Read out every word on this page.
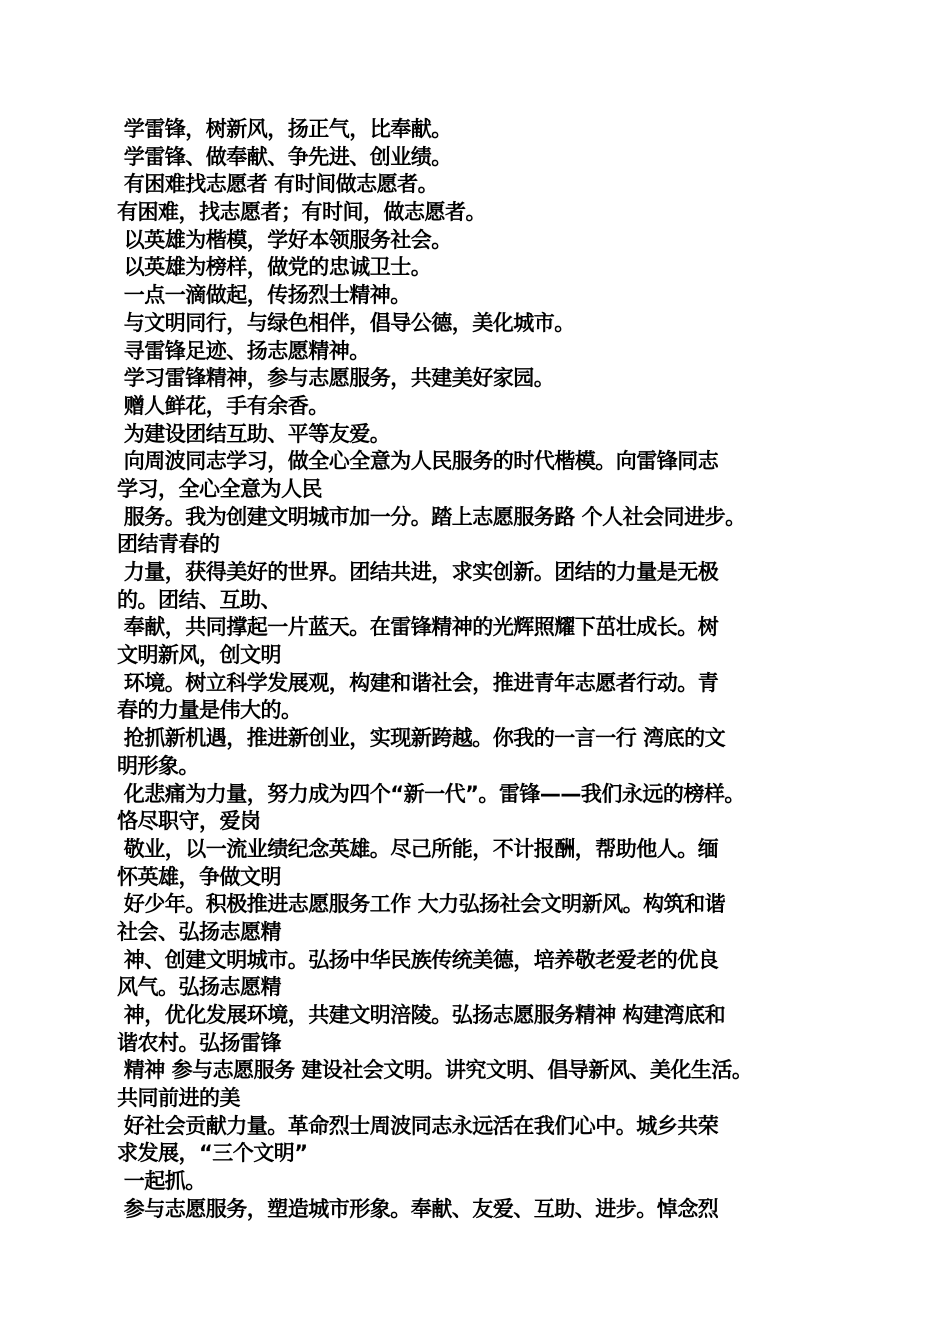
学雷锋，树新风，扬正气，比奉献。
学雷锋、做奉献、争先进、创业绩。
有困难找志愿者 有时间做志愿者。
有困难，找志愿者；有时间，做志愿者。
以英雄为楷模，学好本领服务社会。
以英雄为榜样，做党的忠诚卫士。
一点一滴做起，传扬烈士精神。
与文明同行，与绿色相伴，倡导公德，美化城市。
寻雷锋足迹、扬志愿精神。
学习雷锋精神，参与志愿服务，共建美好家园。
赠人鲜花，手有余香。
为建设团结互助、平等友爱。
向周波同志学习，做全心全意为人民服务的时代楷模。向雷锋同志
学习，全心全意为人民
服务。我为创建文明城市加一分。踏上志愿服务路 个人社会同进步。
团结青春的
力量，获得美好的世界。团结共进，求实创新。团结的力量是无极
的。团结、互助、
奉献，共同撑起一片蓝天。在雷锋精神的光辉照耀下茁壮成长。树
文明新风，创文明
环境。树立科学发展观，构建和谐社会，推进青年志愿者行动。青
春的力量是伟大的。
抢抓新机遇，推进新创业，实现新跨越。你我的一言一行 湾底的文
明形象。
化悲痛为力量，努力成为四个“新一代”。雷锋——我们永远的榜样。
恪尽职守，爱岗
敬业，以一流业绩纪念英雄。尽己所能，不计报酬，帮助他人。缅
怀英雄，争做文明
好少年。积极推进志愿服务工作 大力弘扬社会文明新风。构筑和谐
社会、弘扬志愿精
神、创建文明城市。弘扬中华民族传统美德，培养敬老爱老的优良
风气。弘扬志愿精
神，优化发展环境，共建文明涪陵。弘扬志愿服务精神 构建湾底和
谐农村。弘扬雷锋
精神 参与志愿服务 建设社会文明。讲究文明、倡导新风、美化生活。
共同前进的美
好社会贡献力量。革命烈士周波同志永远活在我们心中。城乡共荣
求发展，“三个文明”
一起抓。
参与志愿服务，塑造城市形象。奉献、友爱、互助、进步。悼念烈
